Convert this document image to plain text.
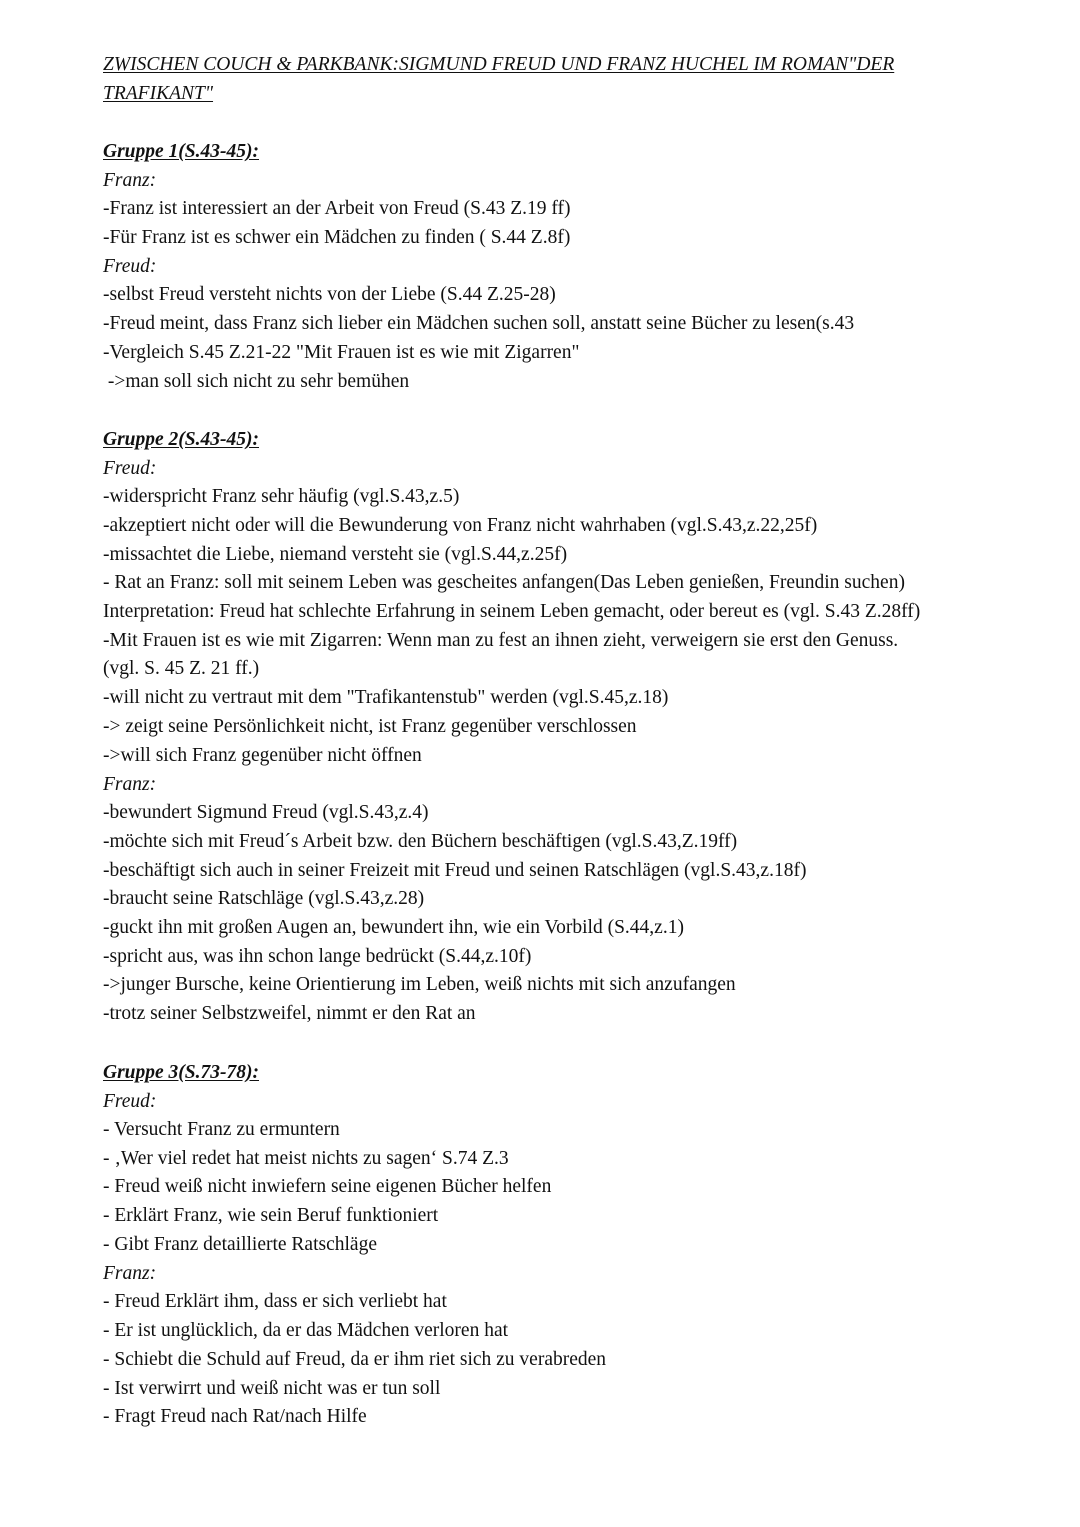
ZWISCHEN COUCH & PARKBANK:SIGMUND FREUD UND FRANZ HUCHEL IM ROMAN"DER

TRAFIKANT"

Gruppe 1(S.43-45):

Franz:

-Franz ist interessiert an der Arbeit von Freud (S.43 Z.19 ff)

-Für Franz ist es schwer ein Mädchen zu finden ( S.44 Z.8f)

Freud:

-selbst Freud versteht nichts von der Liebe (S.44 Z.25-28)

-Freud meint, dass Franz sich lieber ein Mädchen suchen soll, anstatt seine Bücher zu lesen(s.43

-Vergleich S.45 Z.21-22 "Mit Frauen ist es wie mit Zigarren"

->man soll sich nicht zu sehr bemühen

Gruppe 2(S.43-45):

Freud:

-widerspricht Franz sehr häufig (vgl.S.43,z.5)

-akzeptiert nicht oder will die Bewunderung von Franz nicht wahrhaben (vgl.S.43,z.22,25f)

-missachtet die Liebe, niemand versteht sie (vgl.S.44,z.25f)

- Rat an Franz: soll mit seinem Leben was gescheites anfangen(Das Leben genießen, Freundin suchen)

Interpretation: Freud hat schlechte Erfahrung in seinem Leben gemacht, oder bereut es (vgl. S.43 Z.28ff)

-Mit Frauen ist es wie mit Zigarren: Wenn man zu fest an ihnen zieht, verweigern sie erst den Genuss.

(vgl. S. 45 Z. 21 ff.)

-will nicht zu vertraut mit dem "Trafikantenstub" werden (vgl.S.45,z.18)

-> zeigt seine Persönlichkeit nicht, ist Franz gegenüber verschlossen

->will sich Franz gegenüber nicht öffnen

Franz:

-bewundert Sigmund Freud (vgl.S.43,z.4)

-möchte sich mit Freud´s Arbeit bzw. den Büchern beschäftigen (vgl.S.43,Z.19ff)

-beschäftigt sich auch in seiner Freizeit mit Freud und seinen Ratschlägen (vgl.S.43,z.18f)

-braucht seine Ratschläge (vgl.S.43,z.28)

-guckt ihn mit großen Augen an, bewundert ihn, wie ein Vorbild (S.44,z.1)

-spricht aus, was ihn schon lange bedrückt (S.44,z.10f)

->junger Bursche, keine Orientierung im Leben, weiß nichts mit sich anzufangen

-trotz seiner Selbstzweifel, nimmt er den Rat an

Gruppe 3(S.73-78):

Freud:

- Versucht Franz zu ermuntern

- ‚Wer viel redet hat meist nichts zu sagen‘ S.74 Z.3

- Freud weiß nicht inwiefern seine eigenen Bücher helfen

- Erklärt Franz, wie sein Beruf funktioniert

- Gibt Franz detaillierte Ratschläge

Franz:

- Freud Erklärt ihm, dass er sich verliebt hat

- Er ist unglücklich, da er das Mädchen verloren hat

- Schiebt die Schuld auf Freud, da er ihm riet sich zu verabreden

- Ist verwirrt und weiß nicht was er tun soll

- Fragt Freud nach Rat/nach Hilfe
